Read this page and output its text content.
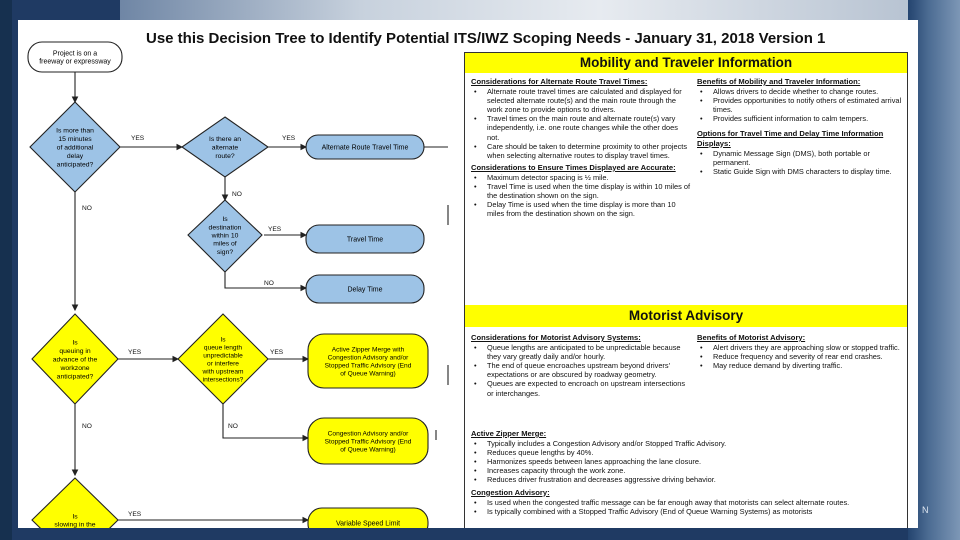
N
Use this Decision Tree to Identify Potential ITS/IWZ Scoping Needs - January 31, 2018 Version 1
Project is on a freeway or expressway
Is more than 15 minutes of additional delay anticipated?
Is there an alternate route?
Is destination within 10 miles of sign?
Is queuing in advance of the workzone anticipated?
Is queue length unpredictable or interfere with upstream intersections?
Is slowing in the
Alternate Route Travel Time
Travel Time
Delay Time
Active Zipper Merge with Congestion Advisory and/or Stopped Traffic Advisory (End of Queue Warning)
Congestion Advisory and/or Stopped Traffic Advisory (End of Queue Warning)
Variable Speed Limit
YES	YES
NO
YES
NO
NO
YES	YES
NO
NO
YES
Mobility and Traveler Information
Considerations for Alternate Route Travel Times:
• Alternate route travel times are calculated and displayed for selected alternate route(s) and the main route through the work zone to provide options to drivers.
• Travel times on the main route and alternate route(s) vary independently, i.e. one route changes while the other does not.
• Care should be taken to determine proximity to other projects when selecting alternative routes to display travel times.
Considerations to Ensure Times Displayed are Accurate:
• Maximum detector spacing is ½ mile.
• Travel Time is used when the time display is within 10 miles of the destination shown on the sign.
• Delay Time is used when the time display is more than 10 miles from the destination shown on the sign.
Benefits of Mobility and Traveler Information:
• Allows drivers to decide whether to change routes.
• Provides opportunities to notify others of estimated arrival times.
• Provides sufficient information to calm tempers.
Options for Travel Time and Delay Time Information Displays:
• Dynamic Message Sign (DMS), both portable or permanent.
• Static Guide Sign with DMS characters to display time.
Motorist Advisory
Considerations for Motorist Advisory Systems:
• Queue lengths are anticipated to be unpredictable because they vary greatly daily and/or hourly.
• The end of queue encroaches upstream beyond drivers' expectations or are obscured by roadway geometry.
• Queues are expected to encroach on upstream intersections or interchanges.
Benefits of Motorist Advisory:
• Alert drivers they are approaching slow or stopped traffic.
• Reduce frequency and severity of rear end crashes.
• May reduce demand by diverting traffic.
Active Zipper Merge:
• Typically includes a Congestion Advisory and/or Stopped Traffic Advisory.
• Reduces queue lengths by 40%.
• Harmonizes speeds between lanes approaching the lane closure.
• Increases capacity through the work zone.
• Reduces driver frustration and decreases aggressive driving behavior.
Congestion Advisory:
• Is used when the congested traffic message can be far enough away that motorists can select alternate routes.
• Is typically combined with a Stopped Traffic Advisory (End of Queue Warning Systems) as motorists
